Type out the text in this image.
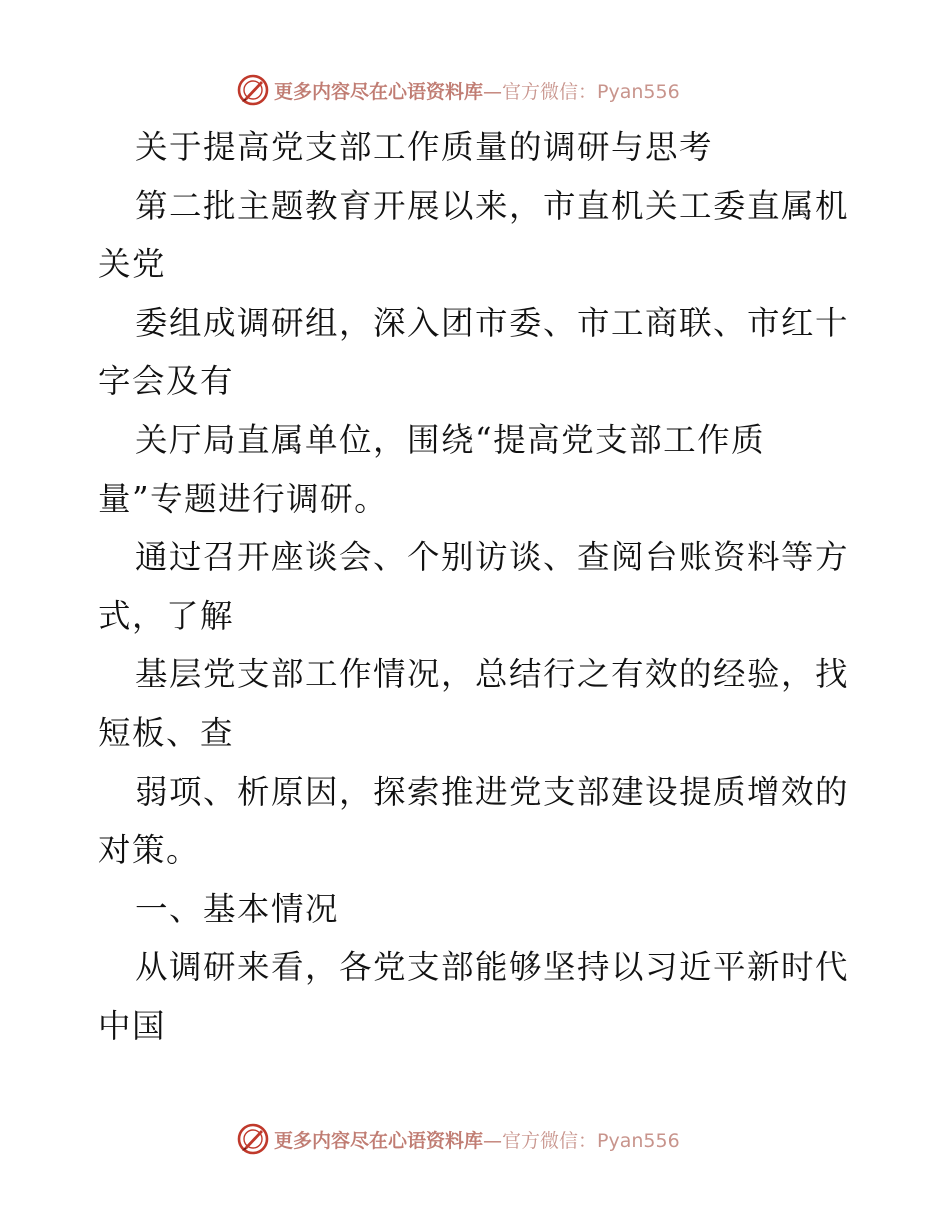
更多内容尽在心语资料库—官方微信：Pyan556
关于提高党支部工作质量的调研与思考
第二批主题教育开展以来，市直机关工委直属机
关党
委组成调研组，深入团市委、市工商联、市红十
字会及有
关厅局直属单位，围绕“提高党支部工作质
量”专题进行调研。
通过召开座谈会、个别访谈、查阅台账资料等方
式，了解
基层党支部工作情况，总结行之有效的经验，找
短板、查
弱项、析原因，探索推进党支部建设提质增效的
对策。
一、基本情况
从调研来看，各党支部能够坚持以习近平新时代
中国
更多内容尽在心语资料库—官方微信：Pyan556
